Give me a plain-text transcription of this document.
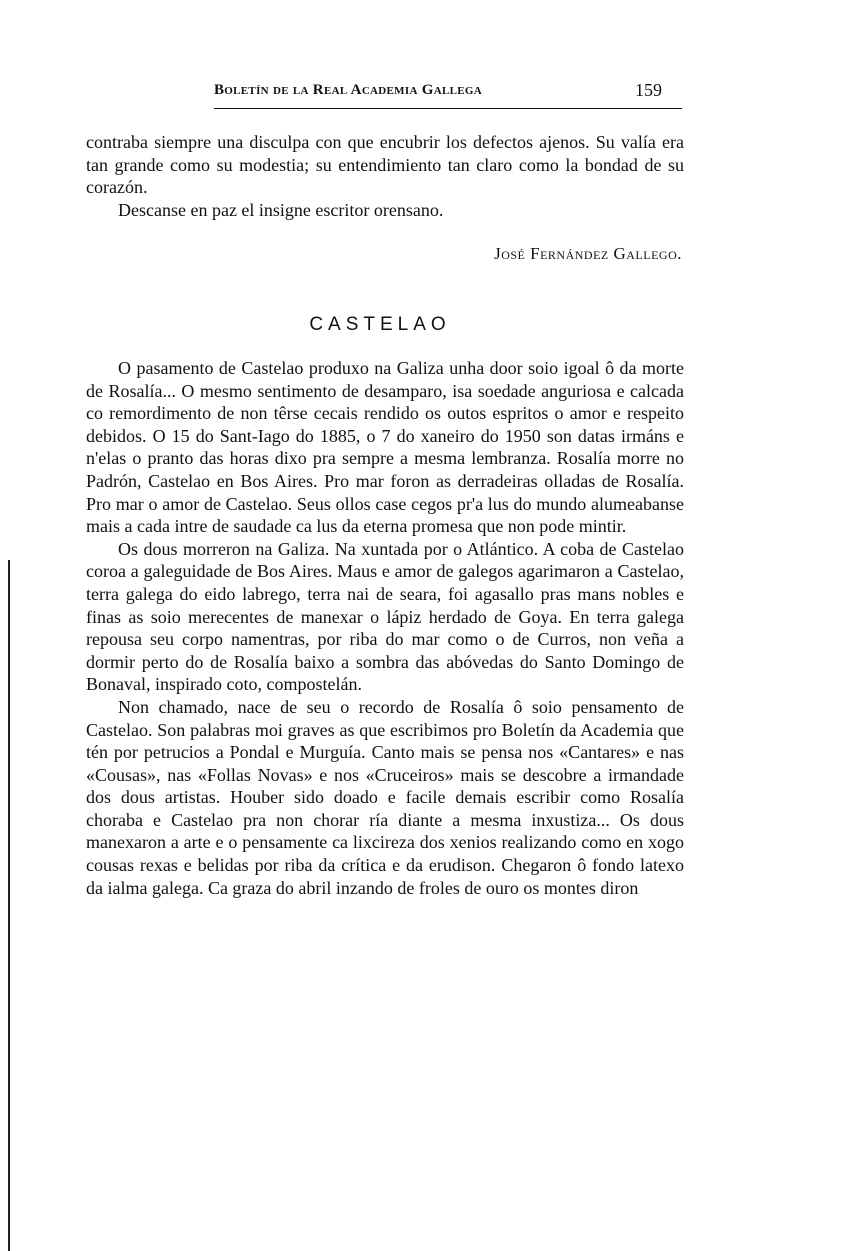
Boletín de la Real Academia Gallega	159

contraba siempre una disculpa con que encubrir los defectos ajenos. Su valía era tan grande como su modestia; su entendimiento tan claro como la bondad de su corazón.

Descanse en paz el insigne escritor orensano.

José Fernández Gallego.
CASTELAO

O pasamento de Castelao produxo na Galiza unha door soio igoal ô da morte de Rosalía... O mesmo sentimento de desamparo, isa soedade anguriosa e calcada co remordimento de non têrse cecais rendido os outos espritos o amor e respeito debidos. O 15 do Sant-Iago do 1885, o 7 do xaneiro do 1950 son datas irmáns e n'elas o pranto das horas dixo pra sempre a mesma lembranza. Rosalía morre no Padrón, Castelao en Bos Aires. Pro mar foron as derradeiras olladas de Rosalía. Pro mar o amor de Castelao. Seus ollos case cegos pr'a lus do mundo alumeabanse mais a cada intre de saudade ca lus da eterna promesa que non pode mintir.

Os dous morreron na Galiza. Na xuntada por o Atlántico. A coba de Castelao coroa a galeguidade de Bos Aires. Maus e amor de galegos agarimaron a Castelao, terra galega do eido labrego, terra nai de seara, foi agasallo pras mans nobles e finas as soio merecentes de manexar o lápiz herdado de Goya. En terra galega repousa seu corpo namentras, por riba do mar como o de Curros, non veña a dormir perto do de Rosalía baixo a sombra das abóvedas do Santo Domingo de Bonaval, inspirado coto, compostelán.

Non chamado, nace de seu o recordo de Rosalía ô soio pensamento de Castelao. Son palabras moi graves as que escribimos pro Boletín da Academia que tén por petrucios a Pondal e Murguía. Canto mais se pensa nos «Cantares» e nas «Cousas», nas «Follas Novas» e nos «Cruceiros» mais se descobre a irmandade dos dous artistas. Houber sido doado e facile demais escribir como Rosalía choraba e Castelao pra non chorar ría diante a mesma inxustiza... Os dous manexaron a arte e o pensamente ca lixcireza dos xenios realizando como en xogo cousas rexas e belidas por riba da crítica e da erudison. Chegaron ô fondo latexo da ialma galega. Ca graza do abril inzando de froles de ouro os montes diron
